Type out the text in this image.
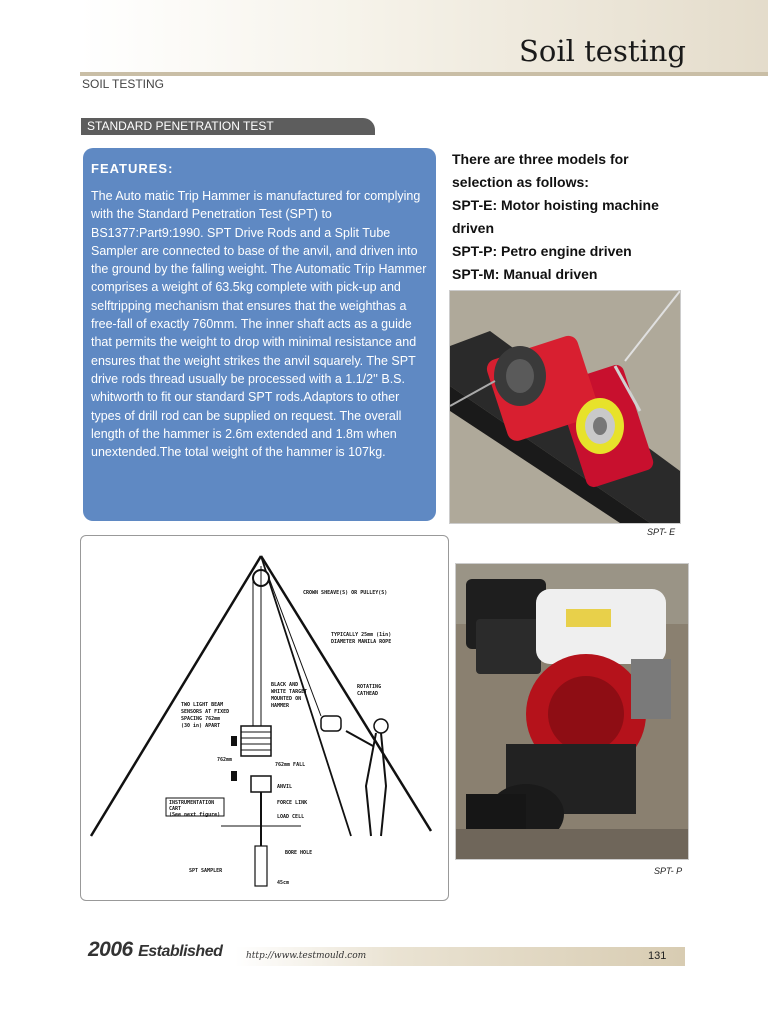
Soil testing
SOIL TESTING
STANDARD PENETRATION TEST
FEATURES:
The Auto matic Trip Hammer is manufactured for complying with the Standard Penetration Test (SPT) to BS1377:Part9:1990. SPT Drive Rods and a Split Tube Sampler are connected to base of the anvil, and driven into the ground by the falling weight. The Automatic Trip Hammer comprises a weight of 63.5kg complete with pick-up and selftripping mechanism that ensures that the weighthas a free-fall of exactly 760mm. The inner shaft acts as a guide that permits the weight to drop with minimal resistance and ensures that the weight strikes the anvil squarely. The SPT drive rods thread usually be processed with a 1.1/2'' B.S. whitworth to fit our standard SPT rods.Adaptors to other types of drill rod can be supplied on request. The overall length of the hammer is 2.6m extended and 1.8m when unextended.The total weight of the hammer is 107kg.

There are three models for selection as follows:

SPT-E: Motor hoisting machine driven

SPT-P: Petro engine driven

SPT-M: Manual driven

SPT- E
SPT- P
CROWN SHEAVE(S) OR PULLEY(S)
TYPICALLY 25mm (1in)
DIAMETER MANILA ROPE
BLACK AND
WHITE TARGET
MOUNTED ON
HAMMER
ROTATING
CATHEAD
TWO LIGHT BEAM
SENSORS AT FIXED
SPACING 762mm
(30 in) APART
762mm FALL
762mm
ANVIL
INSTRUMENTATION
CART
(See next figure)
FORCE LINK
LOAD CELL
BORE HOLE
SPT SAMPLER
45cm
2006 Established	http://www.testmould.com	131
